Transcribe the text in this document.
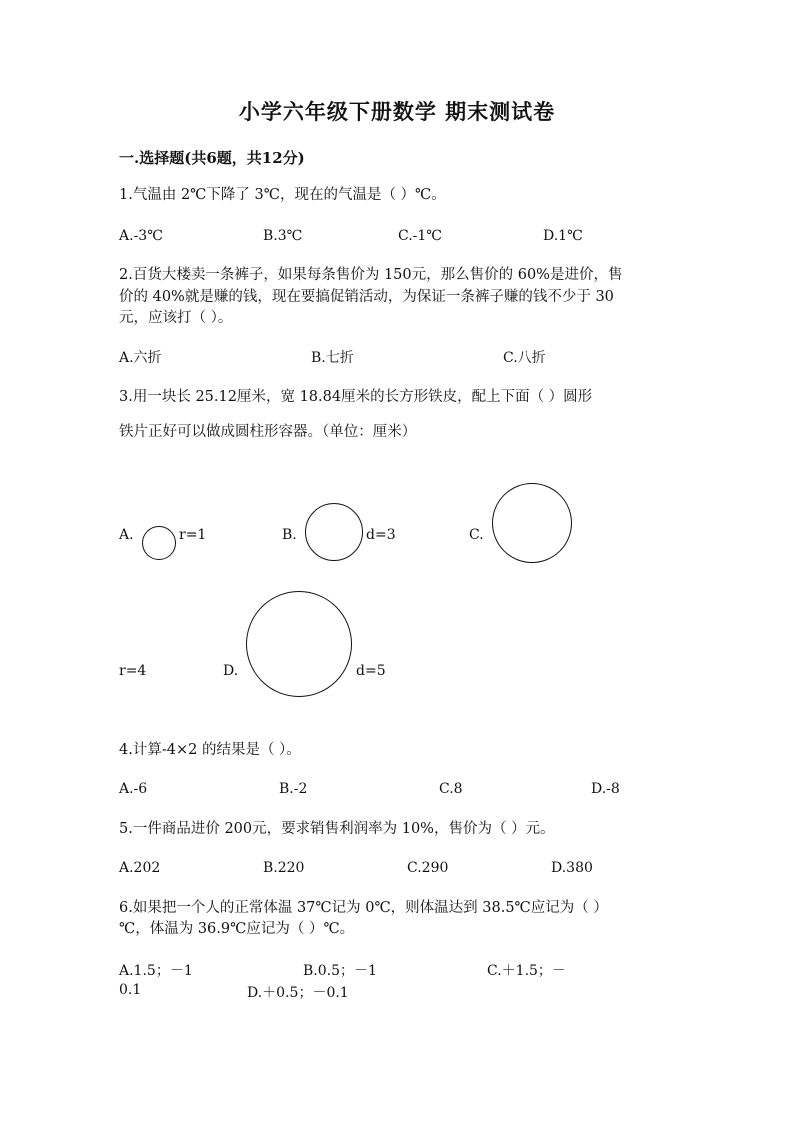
小学六年级下册数学 期末测试卷
一.选择题(共6题，共12分)
1.气温由 2℃下降了 3℃，现在的气温是（ ）℃。
A.-3℃	B.3℃	C.-1℃	D.1℃
2.百货大楼卖一条裤子，如果每条售价为 150元，那么售价的 60%是进价，售
价的 40%就是赚的钱，现在要搞促销活动，为保证一条裤子赚的钱不少于 30
元，应该打（ ）。
A.六折	B.七折	C.八折
3.用一块长 25.12厘米，宽 18.84厘米的长方形铁皮，配上下面（ ）圆形
铁片正好可以做成圆柱形容器。（单位：厘米）
A.	r=1	B.	d=3	C.
r=4	D.	d=5
4.计算-4×2 的结果是（ ）。
A.-6	B.-2	C.8	D.-8
5.一件商品进价 200元，要求销售利润率为 10%，售价为（ ）元。
A.202	B.220	C.290	D.380
6.如果把一个人的正常体温 37℃记为 0℃，则体温达到 38.5℃应记为（ ）
℃，体温为 36.9℃应记为（ ）℃。
A.1.5；－1	B.0.5；－1	C.＋1.5；－
0.1	D.＋0.5；－0.1
